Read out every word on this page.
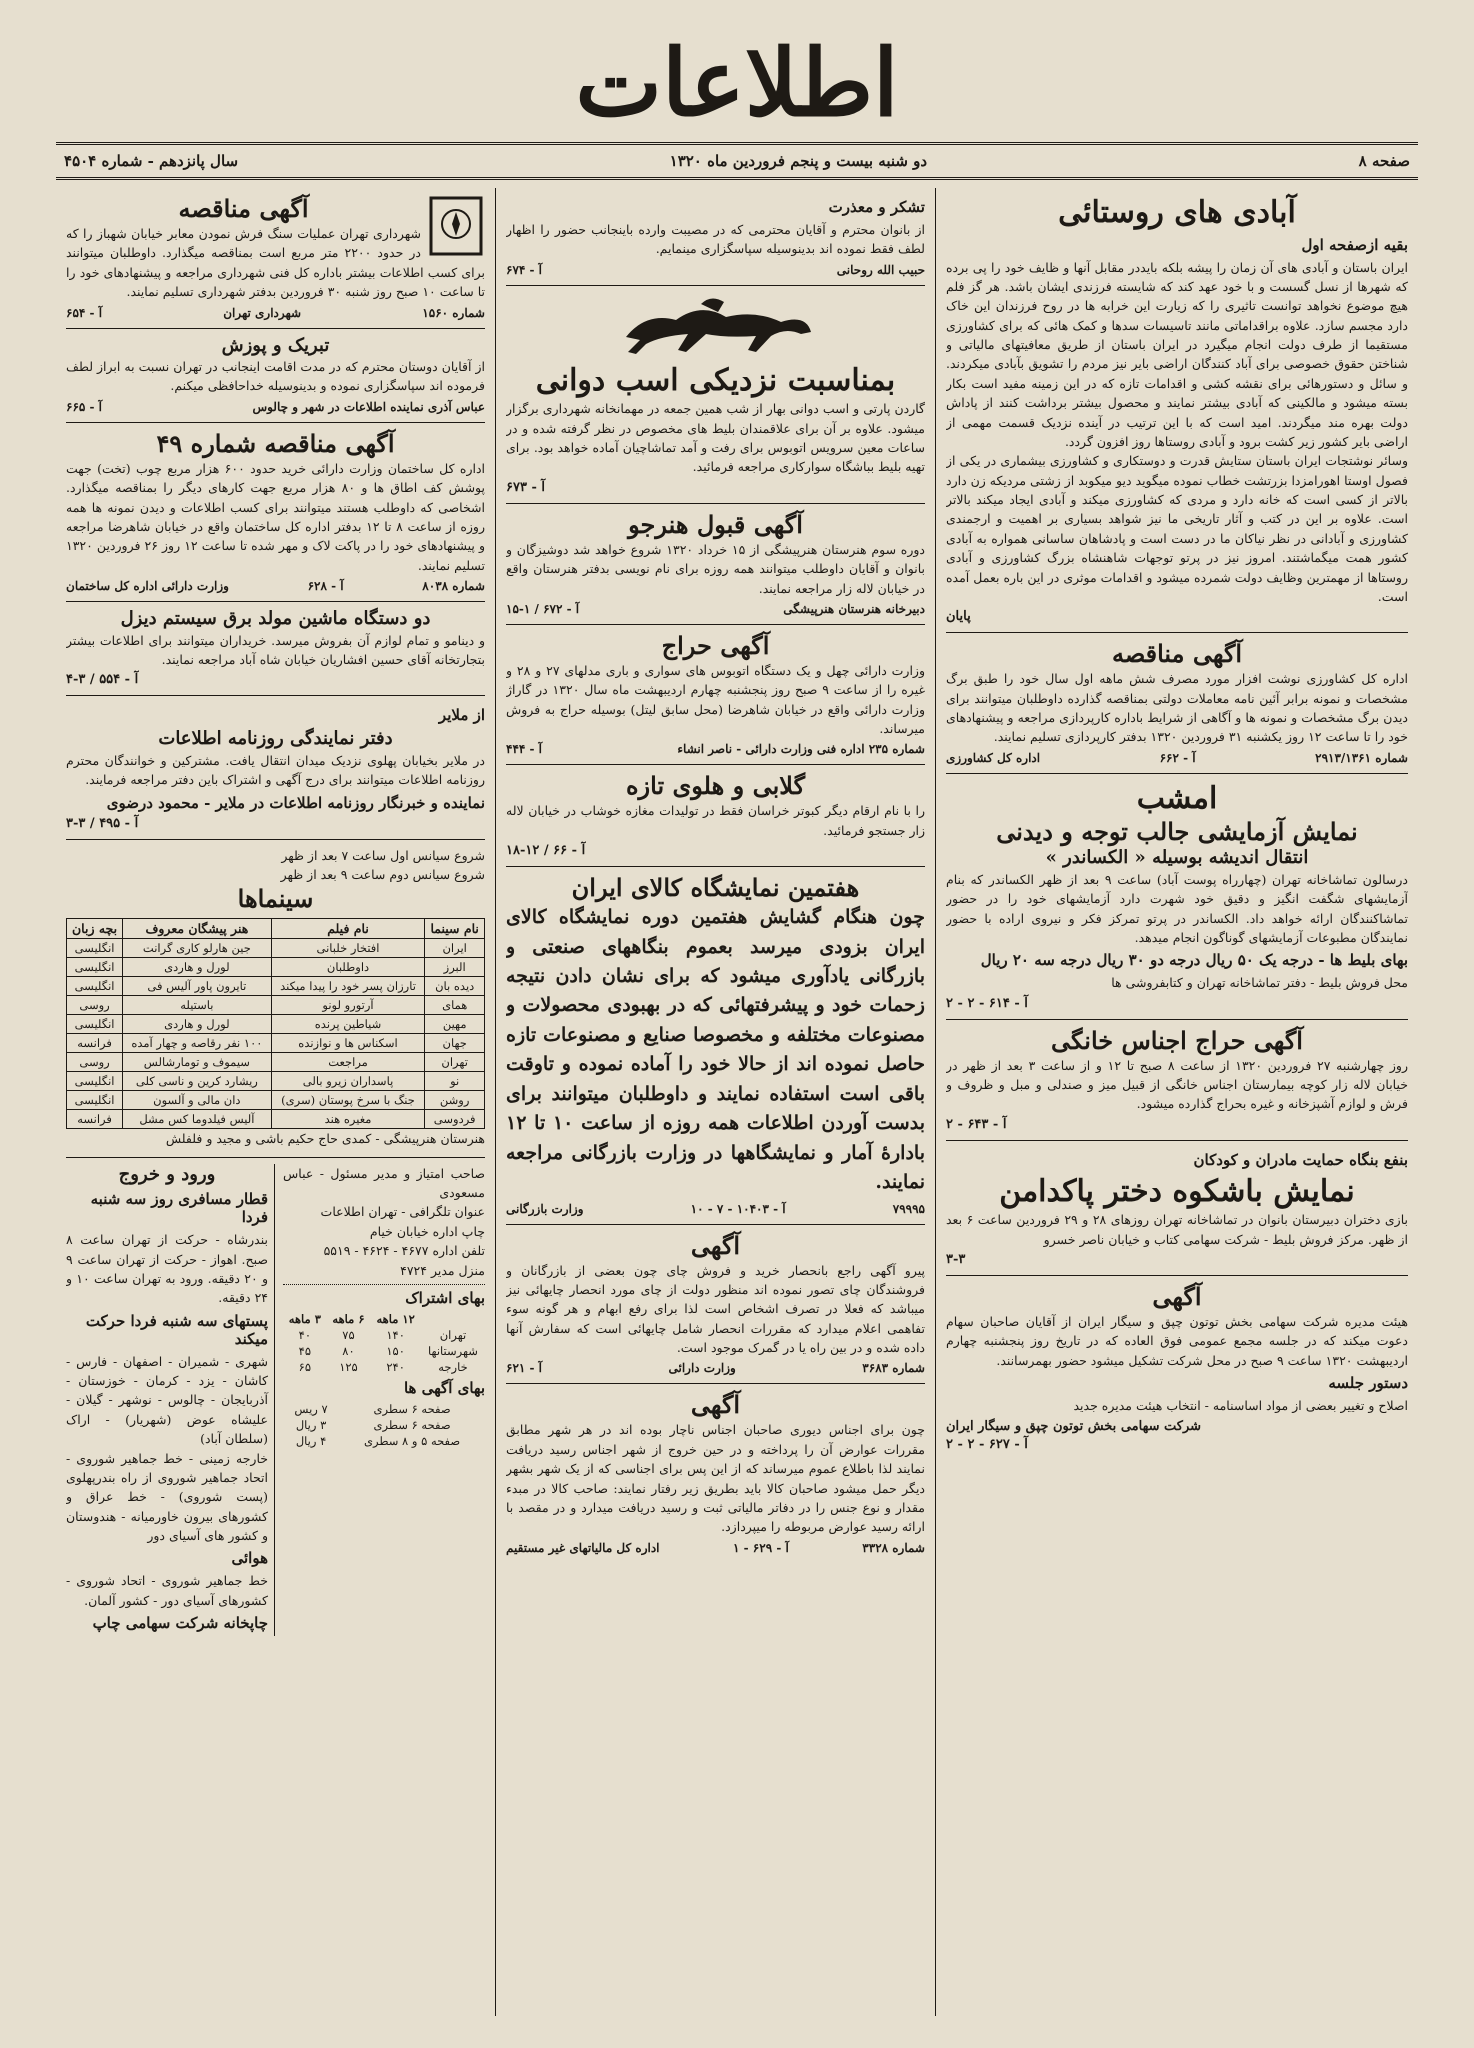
اطلاعات
صفحه ۸
دو شنبه بیست و پنجم فروردین ماه ۱۳۲۰
سال پانزدهم - شماره ۴۵۰۴
آبادی های روستائی
بقیه ازصفحه اول
ایران باستان و آبادی های آن زمان را پیشه بلکه بایددر مقابل آنها و ظایف خود را پی برده که شهرها از نسل گسست و با خود عهد کند که شایسته فرزندی ایشان باشد. هر گز فلم هیچ موضوع نخواهد توانست تاثیری را که زیارت این خرابه ها در روح فرزندان این خاک دارد مجسم سازد. علاوه براقداماتی مانند تاسیسات سدها و کمک هائی که برای کشاورزی مستقیما از طرف دولت انجام میگیرد در ایران باستان از طریق معافیتهای مالیاتی و شناختن حقوق خصوصی برای آباد کنندگان اراضی بایر نیز مردم را تشویق بآبادی میکردند. و سائل و دستورهائی برای نقشه کشی و اقدامات تازه که در این زمینه مفید است بکار بسته میشود و مالکینی که آبادی بیشتر نمایند و محصول بیشتر برداشت کنند از پاداش دولت بهره مند میگردند. امید است که با این ترتیب در آینده نزدیک قسمت مهمی از اراضی بایر کشور زیر کشت برود و آبادی روستاها روز افزون گردد.
وسائر نوشتجات ایران باستان ستایش قدرت و دوستکاری و کشاورزی بیشماری در یکی از فصول اوستا اهورامزدا بزرتشت خطاب نموده میگوید دیو میکوبد از زشتی مردیکه زن دارد بالاتر از کسی است که خانه دارد و مردی که کشاورزی میکند و آبادی ایجاد میکند بالاتر است. علاوه بر این در کتب و آثار تاریخی ما نیز شواهد بسیاری بر اهمیت و ارجمندی کشاورزی و آبادانی در نظر نیاکان ما در دست است و پادشاهان ساسانی همواره به آبادی کشور همت میگماشتند. امروز نیز در پرتو توجهات شاهنشاه بزرگ کشاورزی و آبادی روستاها از مهمترین وظایف دولت شمرده میشود و اقدامات موثری در این باره بعمل آمده است.
پایان
آگهی مناقصه
اداره کل کشاورزی نوشت افزار مورد مصرف شش ماهه اول سال خود را طبق برگ مشخصات و نمونه برابر آئین نامه معاملات دولتی بمناقصه گذارده داوطلبان میتوانند برای دیدن برگ مشخصات و نمونه ها و آگاهی از شرایط باداره کارپردازی مراجعه و پیشنهادهای خود را تا ساعت ۱۲ روز یکشنبه ۳۱ فروردین ۱۳۲۰ بدفتر کارپردازی تسلیم نمایند.
شماره ۲۹۱۳/۱۳۶۱
آ - ۶۶۲
اداره کل کشاورزی
امشب
نمایش آزمایشی جالب توجه و دیدنی
انتقال اندیشه بوسیله « الکساندر »
درسالون تماشاخانه تهران (چهارراه پوست آباد) ساعت ۹ بعد از ظهر الکساندر که بنام آزمایشهای شگفت انگیز و دقیق خود شهرت دارد آزمایشهای خود را در حضور تماشاکنندگان ارائه خواهد داد. الکساندر در پرتو تمرکز فکر و نیروی اراده با حضور نمایندگان مطبوعات آزمایشهای گوناگون انجام میدهد.
بهای بلیط ها - درجه یک ۵۰ ریال درجه دو ۳۰ ریال درجه سه ۲۰ ریال
محل فروش بلیط - دفتر تماشاخانه تهران و کتابفروشی ها
آ - ۶۱۴ - ۲ - ۲
آگهی حراج اجناس خانگی
روز چهارشنبه ۲۷ فروردین ۱۳۲۰ از ساعت ۸ صبح تا ۱۲ و از ساعت ۳ بعد از ظهر در خیابان لاله زار کوچه بیمارستان اجناس خانگی از قبیل میز و صندلی و مبل و ظروف و فرش و لوازم آشپزخانه و غیره بحراج گذارده میشود.
آ - ۶۴۳ - ۲
بنفع بنگاه حمایت مادران و کودکان
نمایش باشکوه دختر پاکدامن
بازی دختران دبیرستان بانوان در تماشاخانه تهران روزهای ۲۸ و ۲۹ فروردین ساعت ۶ بعد از ظهر. مرکز فروش بلیط - شرکت سهامی کتاب و خیابان ناصر خسرو
۳-۳
آگهی
هیئت مدیره شرکت سهامی بخش توتون چپق و سیگار ایران از آقایان صاحبان سهام دعوت میکند که در جلسه مجمع عمومی فوق العاده که در تاریخ روز پنجشنبه چهارم اردیبهشت ۱۳۲۰ ساعت ۹ صبح در محل شرکت تشکیل میشود حضور بهمرسانند.
دستور جلسه
اصلاح و تغییر بعضی از مواد اساسنامه - انتخاب هیئت مدیره جدید
شرکت سهامی بخش توتون چپق و سیگار ایران
آ - ۶۲۷ - ۲ - ۲
تشکر و معذرت
از بانوان محترم و آقایان محترمی که در مصیبت وارده باینجانب حضور را اظهار لطف فقط نموده اند بدینوسیله سپاسگزاری مینمایم.
حبیب الله روحانی
آ - ۶۷۴
بمناسبت نزدیکی اسب دوانی
گاردن پارتی و اسب دوانی بهار از شب همین جمعه در مهمانخانه شهرداری برگزار میشود. علاوه بر آن برای علاقمندان بلیط های مخصوص در نظر گرفته شده و در ساعات معین سرویس اتوبوس برای رفت و آمد تماشاچیان آماده خواهد بود. برای تهیه بلیط بباشگاه سوارکاری مراجعه فرمائید.
آ - ۶۷۳
آگهی قبول هنرجو
دوره سوم هنرستان هنرپیشگی از ۱۵ خرداد ۱۳۲۰ شروع خواهد شد دوشیزگان و بانوان و آقایان داوطلب میتوانند همه روزه برای نام نویسی بدفتر هنرستان واقع در خیابان لاله زار مراجعه نمایند.
دبیرخانه هنرستان هنرپیشگی
آ - ۶۷۲ / ۱-۱۵
آگهی حراج
وزارت دارائی چهل و یک دستگاه اتوبوس های سواری و باری مدلهای ۲۷ و ۲۸ و غیره را از ساعت ۹ صبح روز پنجشنبه چهارم اردیبهشت ماه سال ۱۳۲۰ در گاراژ وزارت دارائی واقع در خیابان شاهرضا (محل سابق لیتل) بوسیله حراج به فروش میرساند.
شماره ۲۳۵ اداره فنی وزارت دارائی - ناصر انشاء
آ - ۴۴۴
گلابی و هلوی تازه
را با نام ارقام دیگر کبوتر خراسان فقط در تولیدات مغازه خوشاب در خیابان لاله زار جستجو فرمائید.
آ - ۶۶ / ۱۲-۱۸
هفتمین نمایشگاه کالای ایران
چون هنگام گشایش هفتمین دوره نمایشگاه کالای ایران بزودی میرسد بعموم بنگاههای صنعتی و بازرگانی یادآوری میشود که برای نشان دادن نتیجه زحمات خود و پیشرفتهائی که در بهبودی محصولات و مصنوعات مختلفه و مخصوصا صنایع و مصنوعات تازه حاصل نموده اند از حالا خود را آماده نموده و تاوقت باقی است استفاده نمایند و داوطلبان میتوانند برای بدست آوردن اطلاعات همه روزه از ساعت ۱۰ تا ۱۲ بادارهٔ آمار و نمایشگاهها در وزارت بازرگانی مراجعه نمایند.
۷۹۹۹۵
آ - ۱۰۴۰۳ - ۷ - ۱۰
وزارت بازرگانی
آگهی
پیرو آگهی راجع بانحصار خرید و فروش چای چون بعضی از بازرگانان و فروشندگان چای تصور نموده اند منظور دولت از چای مورد انحصار چایهائی نیز میباشد که فعلا در تصرف اشخاص است لذا برای رفع ابهام و هر گونه سوء تفاهمی اعلام میدارد که مقررات انحصار شامل چایهائی است که سفارش آنها داده شده و در بین راه یا در گمرک موجود است.
شماره ۳۶۸۳
وزارت دارائی
آ - ۶۲۱
آگهی
چون برای اجناس دیوری صاحبان اجناس ناچار بوده اند در هر شهر مطابق مقررات عوارض آن را پرداخته و در حین خروج از شهر اجناس رسید دریافت نمایند لذا باطلاع عموم میرساند که از این پس برای اجناسی که از یک شهر بشهر دیگر حمل میشود صاحبان کالا باید بطریق زیر رفتار نمایند: صاحب کالا در مبدء مقدار و نوع جنس را در دفاتر مالیاتی ثبت و رسید دریافت میدارد و در مقصد با ارائه رسید عوارض مربوطه را میپردازد.
شماره ۳۳۲۸
آ - ۶۲۹ - ۱
اداره کل مالیاتهای غیر مستقیم
آگهی مناقصه
شهرداری تهران عملیات سنگ فرش نمودن معابر خیابان شهباز را که در حدود ۲۲۰۰ متر مربع است بمناقصه میگذارد. داوطلبان میتوانند برای کسب اطلاعات بیشتر باداره کل فنی شهرداری مراجعه و پیشنهادهای خود را تا ساعت ۱۰ صبح روز شنبه ۳۰ فروردین بدفتر شهرداری تسلیم نمایند.
شماره ۱۵۶۰
شهرداری تهران
آ - ۶۵۴
تبریک و پوزش
از آقایان دوستان محترم که در مدت اقامت اینجانب در تهران نسبت به ابراز لطف فرموده اند سپاسگزاری نموده و بدینوسیله خداحافظی میکنم.
عباس آذری نماینده اطلاعات در شهر و چالوس
آ - ۶۶۵
آگهی مناقصه شماره ۴۹
اداره کل ساختمان وزارت دارائی خرید حدود ۶۰۰ هزار مربع چوب (تخت) جهت پوشش کف اطاق ها و ۸۰ هزار مربع جهت کارهای دیگر را بمناقصه میگذارد. اشخاصی که داوطلب هستند میتوانند برای کسب اطلاعات و دیدن نمونه ها همه روزه از ساعت ۸ تا ۱۲ بدفتر اداره کل ساختمان واقع در خیابان شاهرضا مراجعه و پیشنهادهای خود را در پاکت لاک و مهر شده تا ساعت ۱۲ روز ۲۶ فروردین ۱۳۲۰ تسلیم نمایند.
شماره ۸۰۳۸
آ - ۶۲۸
وزارت دارائی اداره کل ساختمان
دو دستگاه ماشین مولد برق سیستم دیزل
و دینامو و تمام لوازم آن بفروش میرسد. خریداران میتوانند برای اطلاعات بیشتر بتجارتخانه آقای حسین افشاریان خیابان شاه آباد مراجعه نمایند.
آ - ۵۵۴ / ۳-۴
از ملایر
دفتر نمایندگی روزنامه اطلاعات
در ملایر بخیابان پهلوی نزدیک میدان انتقال یافت. مشترکین و خوانندگان محترم روزنامه اطلاعات میتوانند برای درج آگهی و اشتراک باین دفتر مراجعه فرمایند.
نماینده و خبرنگار روزنامه اطلاعات در ملایر - محمود درضوی
آ - ۴۹۵ / ۳-۳
شروع سیانس اول ساعت ۷ بعد از ظهر
شروع سیانس دوم ساعت ۹ بعد از ظهر
سینماها
نام سینما	نام فیلم	هنر پیشگان معروف	بچه زبان
ایران	افتخار خلبانی	جین هارلو کاری گرانت	انگلیسی
البرز	داوطلبان	لورل و هاردی	انگلیسی
دیده بان	تارزان پسر خود را پیدا میکند	تایرون پاور آلیس فی	انگلیسی
همای	آرتورو لونو	باستیله	روسی
مهین	شیاطین پرنده	لورل و هاردی	انگلیسی
جهان	اسکناس ها و نوازنده	۱۰۰ نفر رقاصه و چهار آمده	فرانسه
تهران	مراجعت	سیموف و تومارشالس	روسی
نو	پاسداران زیرو بالی	ریشارد کرین و ناسی کلی	انگلیسی
روشن	جنگ با سرخ پوستان (سری)	دان مالی و آلسون	انگلیسی
فردوسی	مغیره هند	آلیس فیلدوما کس مشل	فرانسه
هنرستان هنرپیشگی - کمدی حاج حکیم باشی و مجید و فلفلش
صاحب امتیاز و مدیر مسئول - عباس مسعودی
عنوان تلگرافی - تهران اطلاعات
چاپ اداره خیابان خیام
تلفن اداره ۴۶۷۷ - ۴۶۲۴ - ۵۵۱۹
منزل مدیر ۴۷۲۴
بهای اشتراک
	۱۲ ماهه	۶ ماهه	۳ ماهه
تهران	۱۴۰	۷۵	۴۰
شهرستانها	۱۵۰	۸۰	۴۵
خارجه	۲۴۰	۱۲۵	۶۵
بهای آگهی ها
صفحه ۶ سطری	۷ ریس
صفحه ۶ سطری	۳ ریال
صفحه ۵ و ۸ سطری	۴ ریال
ورود و خروج
قطار مسافری روز سه شنبه فردا
بندرشاه - حرکت از تهران ساعت ۸ صبح. اهواز - حرکت از تهران ساعت ۹ و ۲۰ دقیقه. ورود به تهران ساعت ۱۰ و ۲۴ دقیقه.
پستهای سه شنبه فردا حرکت میکند
شهری - شمیران - اصفهان - فارس - کاشان - یزد - کرمان - خوزستان - آذربایجان - چالوس - نوشهر - گیلان - علیشاه عوض (شهریار) - اراک (سلطان آباد)
خارجه زمینی - خط جماهیر شوروی - اتحاد جماهیر شوروی از راه بندرپهلوی (پست شوروی) - خط عراق و کشورهای بیرون خاورمیانه - هندوستان و کشور های آسیای دور
هوائی
خط جماهیر شوروی - اتحاد شوروی - کشورهای آسیای دور - کشور آلمان.
چاپخانه شرکت سهامی چاپ
